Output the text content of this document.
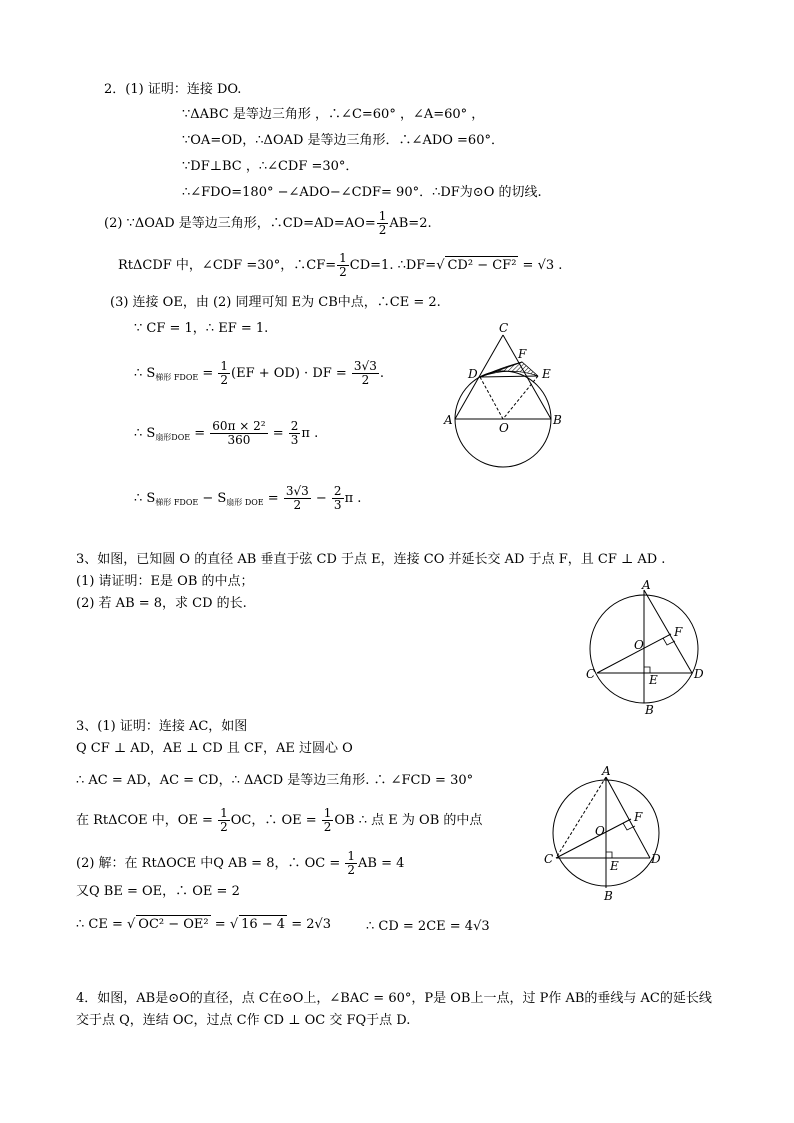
2．(1) 证明：连接 DO.
∵ΔABC 是等边三角形 ，∴∠C=60° ，∠A=60° ，
∵OA=OD，∴ΔOAD 是等边三角形．∴∠ADO =60°．
∵DF⊥BC ，∴∠CDF =30°．
∴∠FDO=180° −∠ADO−∠CDF= 90°．∴DF为⊙O 的切线.
(2) ∵ΔOAD 是等边三角形，∴CD=AD=AO= $\frac{1}{2} AB=2$.
RtΔCDF 中，∠CDF =30°，∴CF= $\frac{1}{2} CD=1$. ∴DF=√ CD² − CF² = √3 .
(3) 连接 OE，由 (2) 同理可知 E为 CB中点，∴CE = 2.
∵ CF = 1，∴ EF = 1.
∴ $S_{梯形 FDOE} = \frac{1}{2} (EF + OD)$ · DF = $\frac{3√3}{2}$ .
∴ $S_{扇形DOE} = \frac{\text{60π × 2²}}{360} = \frac{2}{3}$ π .
∴ $S_{梯形 FDOE} - S_{扇形 DOE} = \frac{3√3}{2} - \frac{2}{3}$ π .
C
F
D	E
A
O
B
3、如图，已知圆 O 的直径 AB 垂直于弦 CD 于点 E，连接 CO 并延长交 AD 于点 F，且 CF ⊥ AD .
(1) 请证明：E是 OB 的中点；
(2) 若 AB = 8，求 CD 的长.
A
O
F
C	E	D
B
3、(1) 证明：连接 AC，如图
Q CF ⊥ AD，AE ⊥ CD 且 CF，AE 过圆心 O
∴ AC = AD，AC = CD，∴ ΔACD 是等边三角形. ∴ ∠FCD = 30°
在 RtΔCOE 中，OE = $\frac{1}{2}$ OC，∴ OE = $\frac{1}{2}$ OB ∴ 点 E 为 OB 的中点
(2) 解：在 RtΔOCE 中Q AB = 8，∴ OC = $\frac{1}{2}$ AB = 4
又Q BE = OE，∴ OE = 2
∴ CE = √ OC² − OE² = √ 16 − 4 = 2√3	∴ CD = 2CE = 4√3
A
O
F
C	E	D
B
4．如图，AB是⊙O的直径，点 C在⊙O上，∠BAC = 60°，P是 OB上一点，过 P作 AB的垂线与 AC的延长线
交于点 Q，连结 OC，过点 C作 CD ⊥ OC 交 FQ于点 D.
